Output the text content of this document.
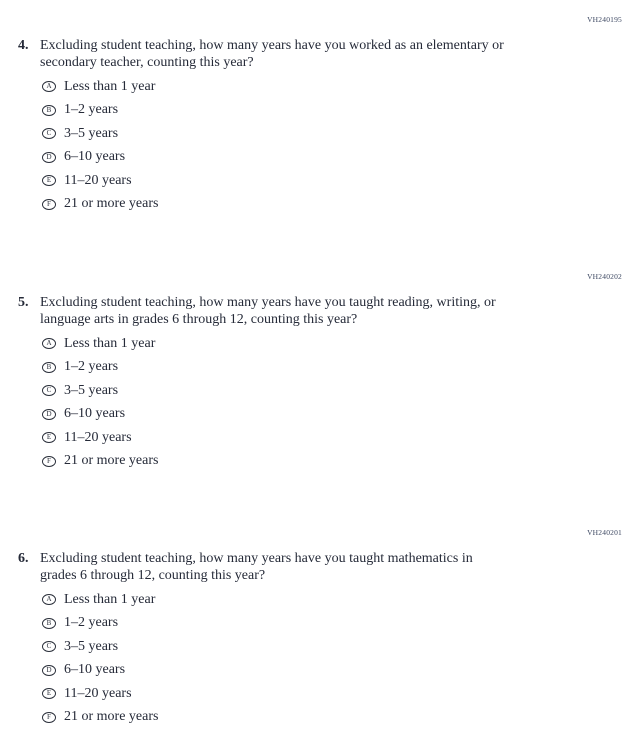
VH240195
4. Excluding student teaching, how many years have you worked as an elementary or
secondary teacher, counting this year?
A Less than 1 year
B 1–2 years
C 3–5 years
D 6–10 years
E 11–20 years
F 21 or more years
VH240202
5. Excluding student teaching, how many years have you taught reading, writing, or
language arts in grades 6 through 12, counting this year?
A Less than 1 year
B 1–2 years
C 3–5 years
D 6–10 years
E 11–20 years
F 21 or more years
VH240201
6. Excluding student teaching, how many years have you taught mathematics in
grades 6 through 12, counting this year?
A Less than 1 year
B 1–2 years
C 3–5 years
D 6–10 years
E 11–20 years
F 21 or more years
